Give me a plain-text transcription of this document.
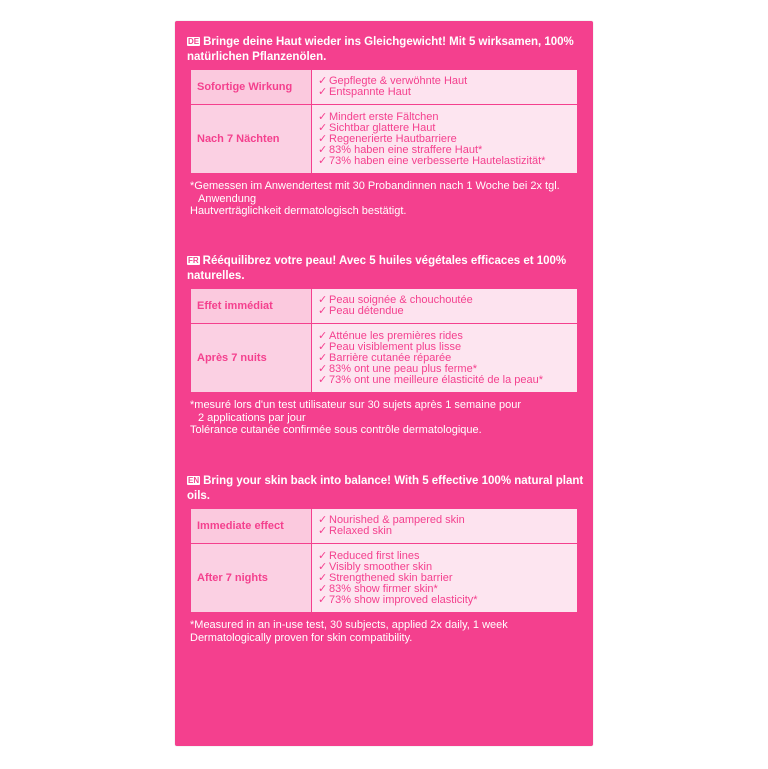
DE Bringe deine Haut wieder ins Gleichgewicht! Mit 5 wirksamen, 100% natürlichen Pflanzenölen.

Sofortige Wirkung	✓ Gepflegte & verwöhnte Haut
✓ Entspannte Haut

Nach 7 Nächten	✓ Mindert erste Fältchen
✓ Sichtbar glattere Haut
✓ Regenerierte Hautbarriere
✓ 83% haben eine straffere Haut*
✓ 73% haben eine verbesserte Hautelastizität*
*Gemessen im Anwendertest mit 30 Probandinnen nach 1 Woche bei 2x tgl.
Anwendung
Hautverträglichkeit dermatologisch bestätigt.

FR Rééquilibrez votre peau! Avec 5 huiles végétales efficaces et 100% naturelles.

Effet immédiat	✓ Peau soignée & chouchoutée
✓ Peau détendue

Après 7 nuits	✓ Atténue les premières rides
✓ Peau visiblement plus lisse
✓ Barrière cutanée réparée
✓ 83% ont une peau plus ferme*
✓ 73% ont une meilleure élasticité de la peau*
*mesuré lors d'un test utilisateur sur 30 sujets après 1 semaine pour
2 applications par jour
Tolérance cutanée confirmée sous contrôle dermatologique.

EN Bring your skin back into balance! With 5 effective 100% natural plant oils.

Immediate effect	✓ Nourished & pampered skin
✓ Relaxed skin

After 7 nights	✓ Reduced first lines
✓ Visibly smoother skin
✓ Strengthened skin barrier
✓ 83% show firmer skin*
✓ 73% show improved elasticity*
*Measured in an in-use test, 30 subjects, applied 2x daily, 1 week
Dermatologically proven for skin compatibility.
